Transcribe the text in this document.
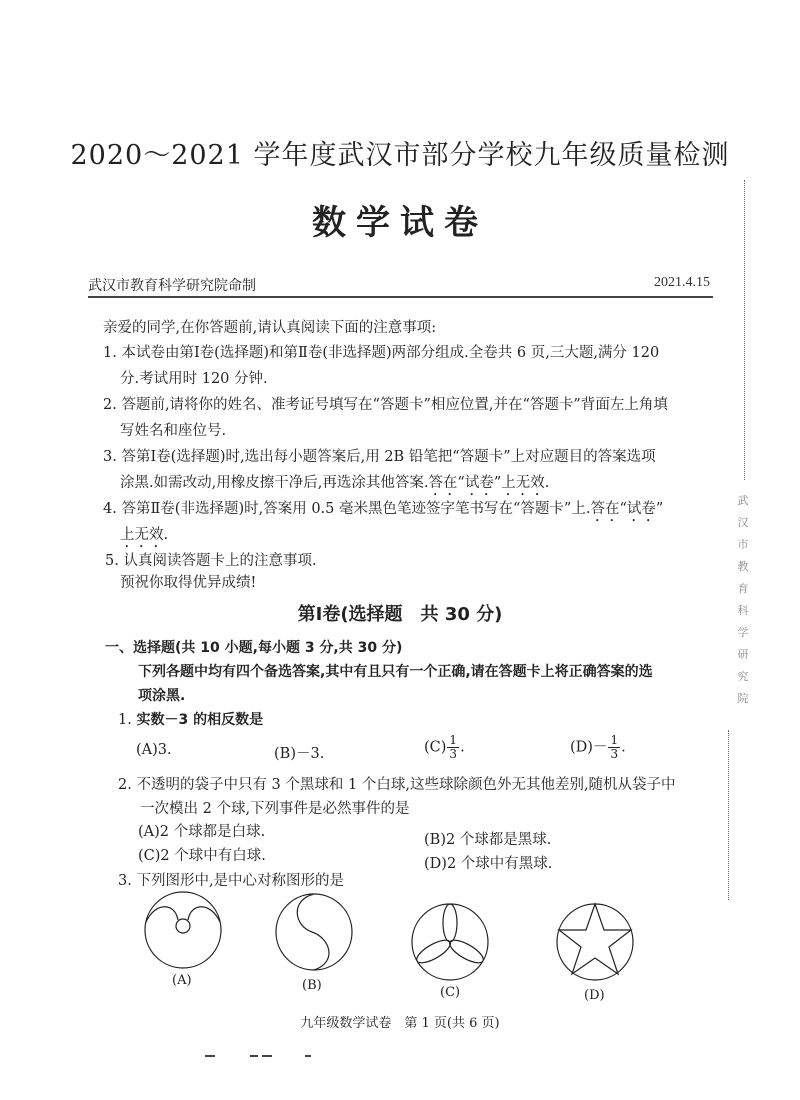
2020～2021 学年度武汉市部分学校九年级质量检测
数学试卷
武汉市教育科学研究院命制	2021.4.15
亲爱的同学,在你答题前,请认真阅读下面的注意事项:
1. 本试卷由第Ⅰ卷(选择题)和第Ⅱ卷(非选择题)两部分组成.全卷共 6 页,三大题,满分 120
分.考试用时 120 分钟.
2. 答题前,请将你的姓名、准考证号填写在“答题卡”相应位置,并在“答题卡”背面左上角填
写姓名和座位号.
3. 答第Ⅰ卷(选择题)时,选出每小题答案后,用 2B 铅笔把“答题卡”上对应题目的答案选项
涂黑.如需改动,用橡皮擦干净后,再选涂其他答案.答在“试卷”上无效.
4. 答第Ⅱ卷(非选择题)时,答案用 0.5 毫米黑色笔迹签字笔书写在“答题卡”上.答在“试卷”
上无效.
5. 认真阅读答题卡上的注意事项.
预祝你取得优异成绩!
第Ⅰ卷(选择题　共 30 分)
一、选择题(共 10 小题,每小题 3 分,共 30 分)
下列各题中均有四个备选答案,其中有且只有一个正确,请在答题卡上将正确答案的选
项涂黑.
1. 实数－3 的相反数是
(A)3.	(B)－3.	$(C) \frac{1}{3}$ .	$(D)- \frac{1}{3}$ .
2. 不透明的袋子中只有 3 个黑球和 1 个白球,这些球除颜色外无其他差别,随机从袋子中
一次模出 2 个球,下列事件是必然事件的是
(A)2 个球都是白球.	(B)2 个球都是黑球.
(C)2 个球中有白球.	(D)2 个球中有黑球.
3. 下列图形中,是中心对称图形的是
(A)	(B)	(C)	(D)
九年级数学试卷　第 1 页(共 6 页)
武
汉
市
教
育
科
学
研
究
院
